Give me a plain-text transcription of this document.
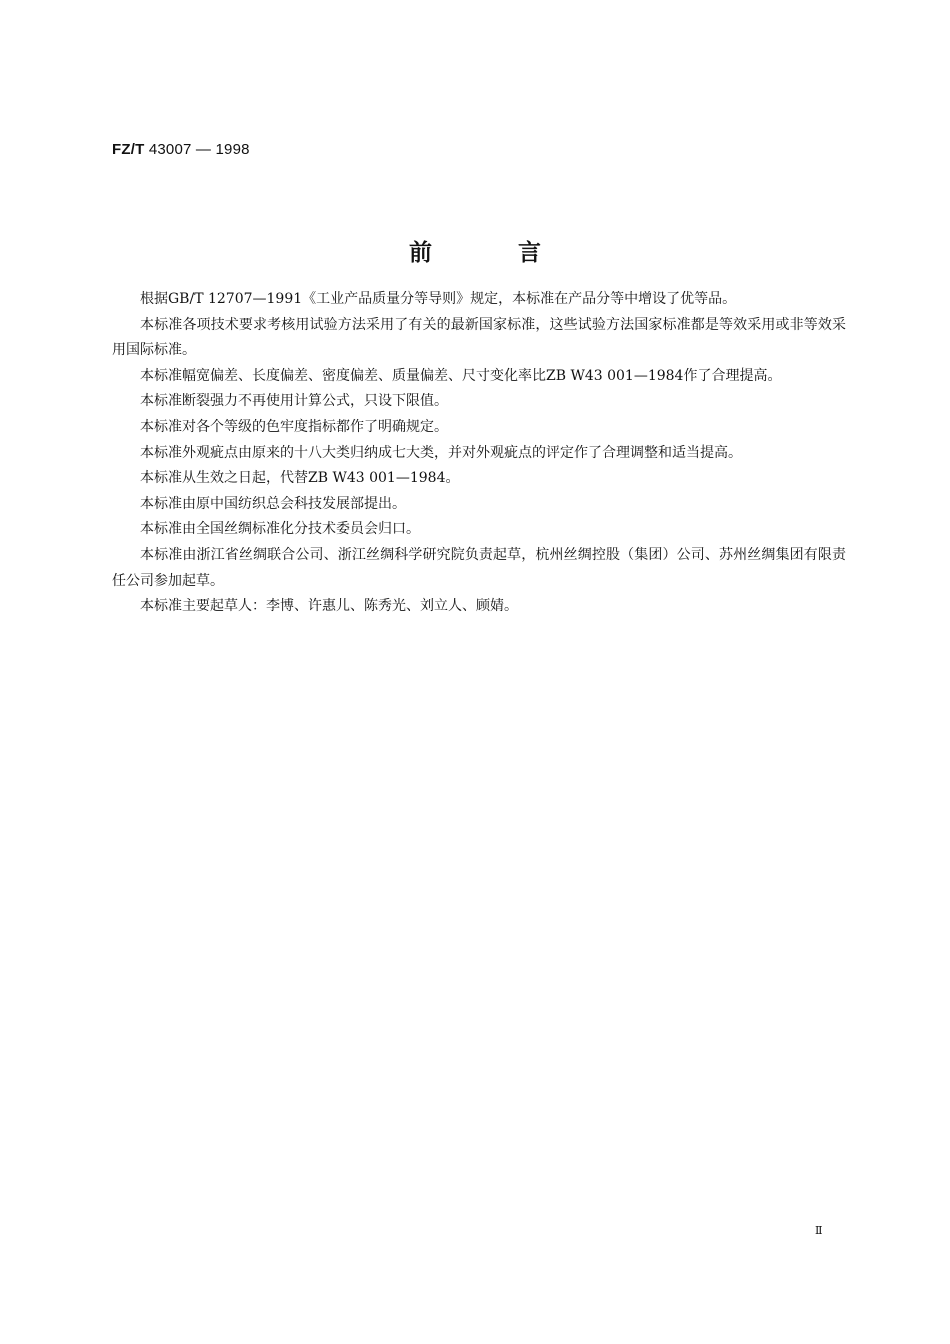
FZ/T 43007 — 1998
前言

根据GB/T 12707—1991《工业产品质量分等导则》规定，本标准在产品分等中增设了优等品。

本标准各项技术要求考核用试验方法采用了有关的最新国家标准，这些试验方法国家标准都是等效采用或非等效采用国际标准。

本标准幅宽偏差、长度偏差、密度偏差、质量偏差、尺寸变化率比ZB W43 001—1984作了合理提高。

本标准断裂强力不再使用计算公式，只设下限值。

本标准对各个等级的色牢度指标都作了明确规定。

本标准外观疵点由原来的十八大类归纳成七大类，并对外观疵点的评定作了合理调整和适当提高。

本标准从生效之日起，代替ZB W43 001—1984。

本标准由原中国纺织总会科技发展部提出。

本标准由全国丝绸标准化分技术委员会归口。

本标准由浙江省丝绸联合公司、浙江丝绸科学研究院负责起草，杭州丝绸控股（集团）公司、苏州丝绸集团有限责任公司参加起草。

本标准主要起草人：李博、许惠儿、陈秀光、刘立人、顾婧。

Ⅱ
